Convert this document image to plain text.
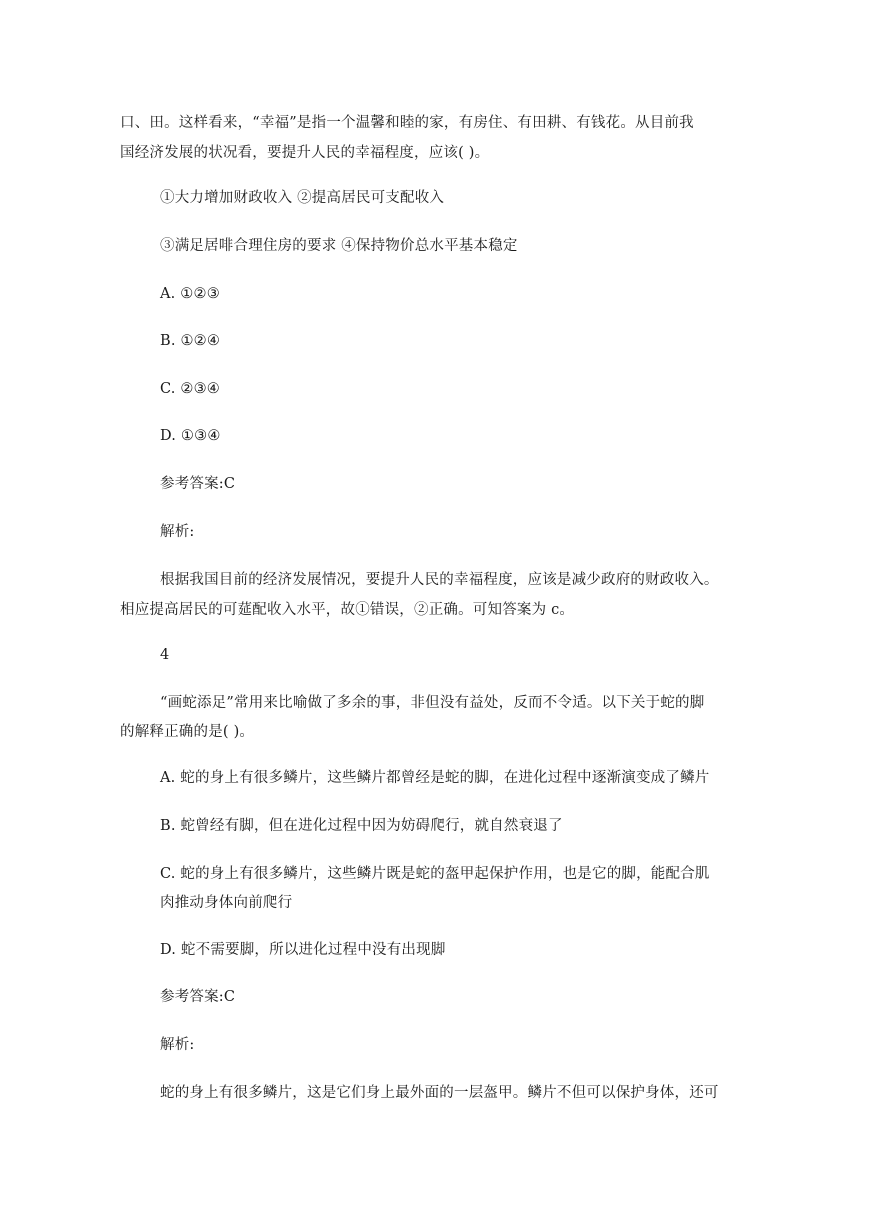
口、田。这样看来，“幸福”是指一个温馨和睦的家，有房住、有田耕、有钱花。从目前我
国经济发展的状况看，要提升人民的幸福程度，应该( )。
①大力增加财政收入 ②提高居民可支配收入
③满足居啡合理住房的要求 ④保持物价总水平基本稳定
A. ①②③
B. ①②④
C. ②③④
D. ①③④
参考答案:C
解析:
根据我国目前的经济发展情况，要提升人民的幸福程度，应该是减少政府的财政收入。
相应提高居民的可莚配收入水平，故①错误，②正确。可知答案为 c。
4
“画蛇添足”常用来比喻做了多余的事，非但没有益处，反而不令适。以下关于蛇的脚
的解释正确的是( )。
A. 蛇的身上有很多鳞片，这些鳞片都曾经是蛇的脚，在进化过程中逐渐演变成了鳞片
B. 蛇曾经有脚，但在进化过程中因为妨碍爬行，就自然衰退了
C. 蛇的身上有很多鳞片，这些鳞片既是蛇的盔甲起保护作用，也是它的脚，能配合肌
肉推动身体向前爬行
D. 蛇不需要脚，所以进化过程中没有出现脚
参考答案:C
解析:
蛇的身上有很多鳞片，这是它们身上最外面的一层盔甲。鳞片不但可以保护身体，还可
